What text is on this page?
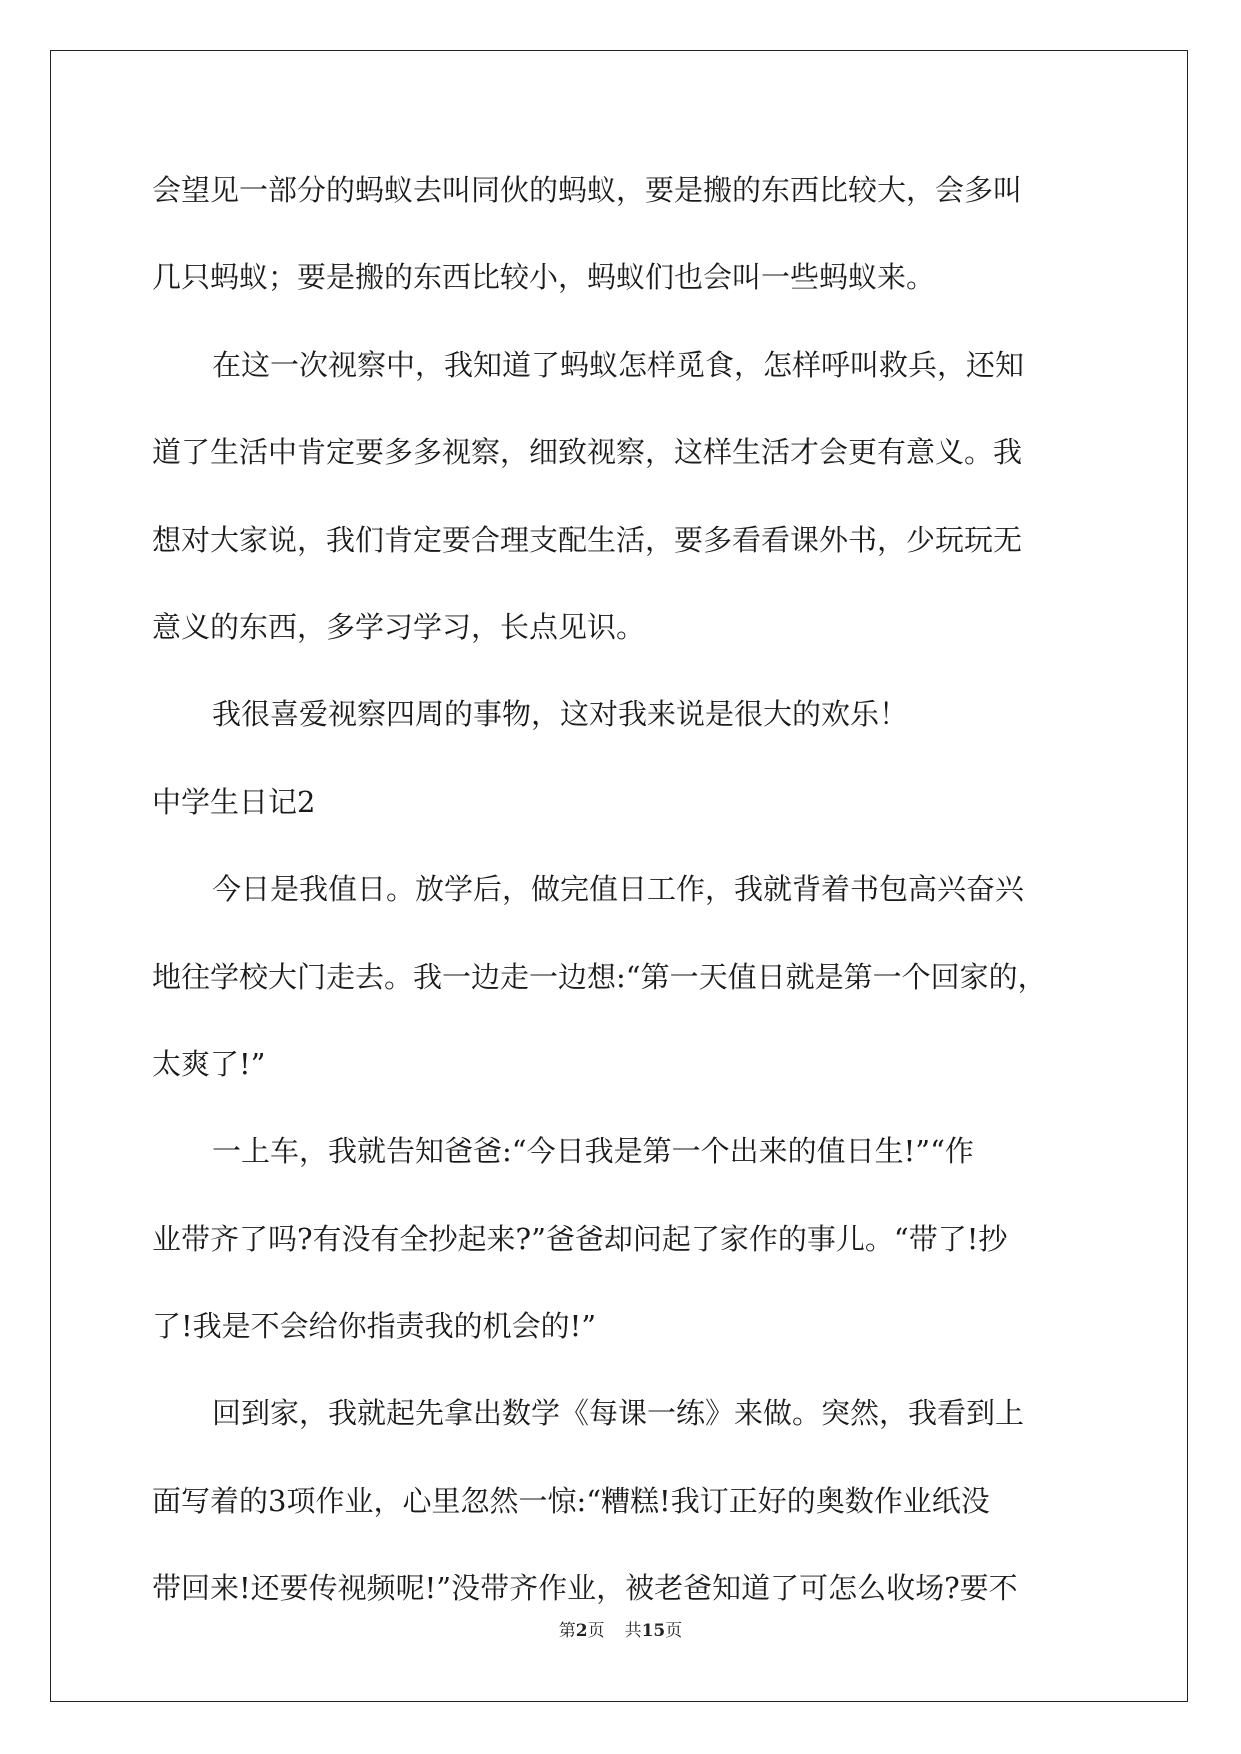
会望见一部分的蚂蚁去叫同伙的蚂蚁，要是搬的东西比较大，会多叫
几只蚂蚁；要是搬的东西比较小，蚂蚁们也会叫一些蚂蚁来。
在这一次视察中，我知道了蚂蚁怎样觅食，怎样呼叫救兵，还知
道了生活中肯定要多多视察，细致视察，这样生活才会更有意义。我
想对大家说，我们肯定要合理支配生活，要多看看课外书，少玩玩无
意义的东西，多学习学习，长点见识。
我很喜爱视察四周的事物，这对我来说是很大的欢乐！
中学生日记2
今日是我值日。放学后，做完值日工作，我就背着书包高兴奋兴
地往学校大门走去。我一边走一边想:“第一天值日就是第一个回家的，
太爽了!”
一上车，我就告知爸爸:“今日我是第一个出来的值日生!”“作
业带齐了吗?有没有全抄起来?”爸爸却问起了家作的事儿。“带了!抄
了!我是不会给你指责我的机会的!”
回到家，我就起先拿出数学《每课一练》来做。突然，我看到上
面写着的3项作业，心里忽然一惊:“糟糕!我订正好的奥数作业纸没
带回来!还要传视频呢!”没带齐作业，被老爸知道了可怎么收场?要不
第2页 共15页
